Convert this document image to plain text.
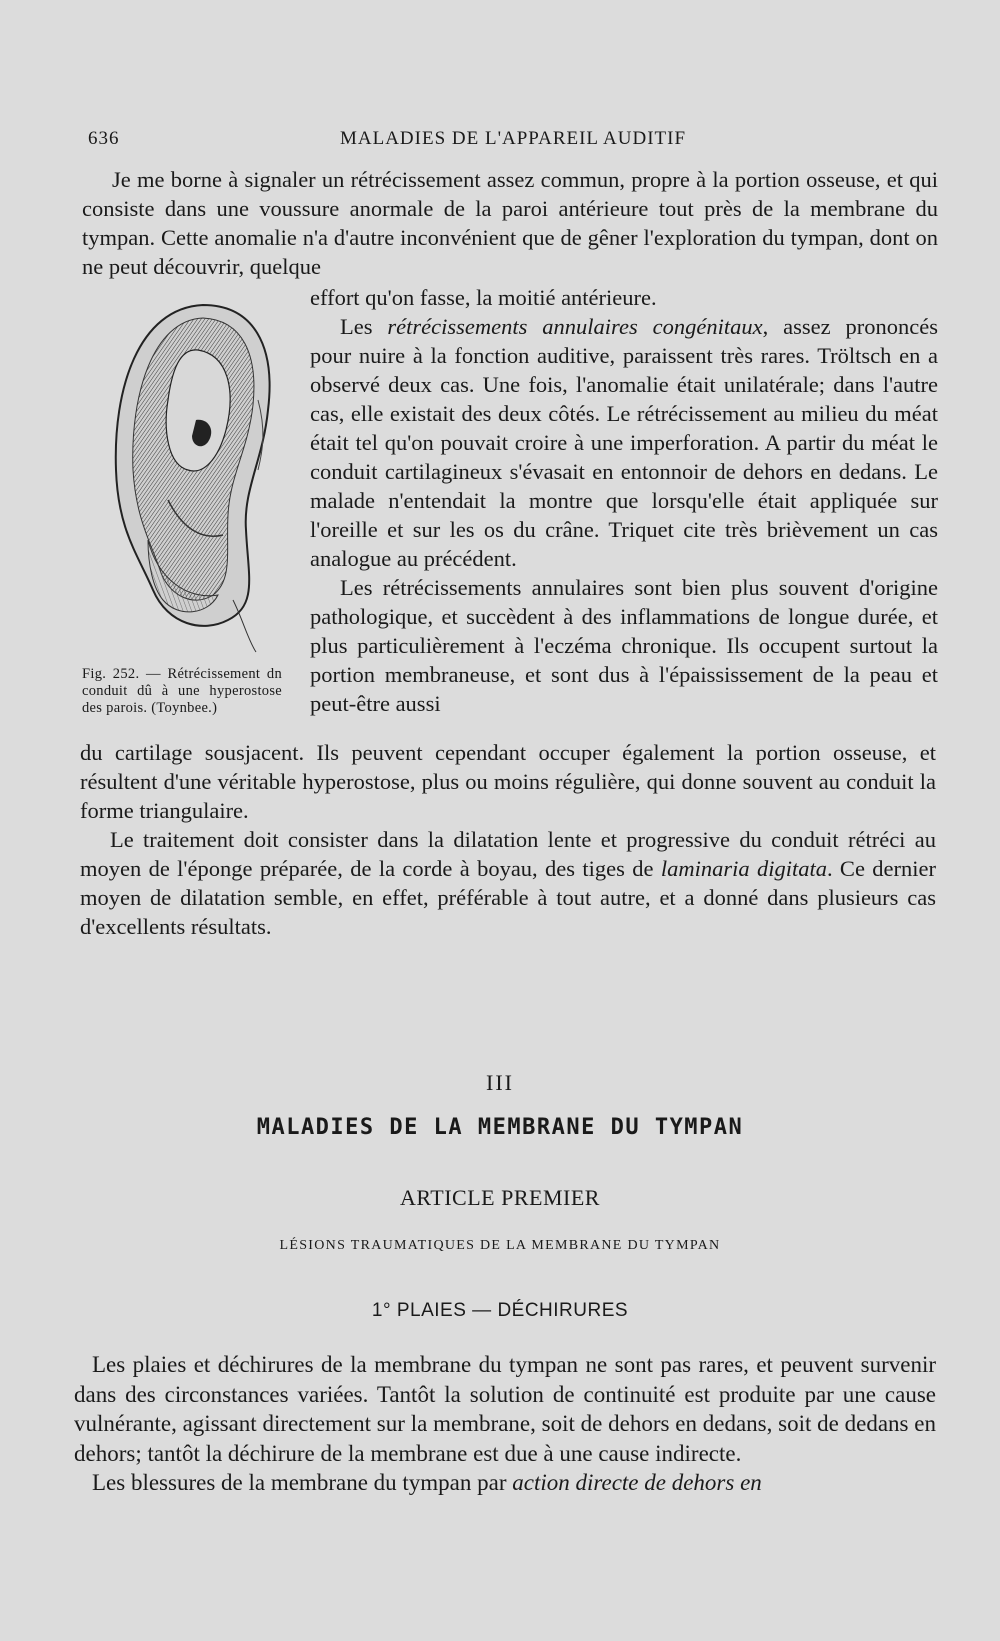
636	MALADIES DE L'APPAREIL AUDITIF

Je me borne à signaler un rétrécissement assez commun, propre à la portion osseuse, et qui consiste dans une voussure anormale de la paroi antérieure tout près de la membrane du tympan. Cette anomalie n'a d'autre inconvénient que de gêner l'exploration du tympan, dont on ne peut découvrir, quelque

effort qu'on fasse, la moitié antérieure.

Les rétrécissements annulaires congénitaux, assez prononcés pour nuire à la fonction auditive, paraissent très rares. Tröltsch en a observé deux cas. Une fois, l'anomalie était unilatérale; dans l'autre cas, elle existait des deux côtés. Le rétrécissement au milieu du méat était tel qu'on pouvait croire à une imperforation. A partir du méat le conduit cartilagineux s'évasait en entonnoir de dehors en dedans. Le malade n'entendait la montre que lorsqu'elle était appliquée sur l'oreille et sur les os du crâne. Triquet cite très brièvement un cas analogue au précédent.

Les rétrécissements annulaires sont bien plus souvent d'origine pathologique, et succèdent à des inflammations de longue durée, et plus particulièrement à l'eczéma chronique. Ils occupent surtout la portion membraneuse, et sont dus à l'épaississement de la peau et peut-être aussi

Fig. 252. — Rétrécissement dn conduit dû à une hyperostose des parois. (Toynbee.)

du cartilage sousjacent. Ils peuvent cependant occuper également la portion osseuse, et résultent d'une véritable hyperostose, plus ou moins régulière, qui donne souvent au conduit la forme triangulaire.

Le traitement doit consister dans la dilatation lente et progressive du conduit rétréci au moyen de l'éponge préparée, de la corde à boyau, des tiges de laminaria digitata. Ce dernier moyen de dilatation semble, en effet, préférable à tout autre, et a donné dans plusieurs cas d'excellents résultats.

III
MALADIES DE LA MEMBRANE DU TYMPAN
ARTICLE PREMIER
LÉSIONS TRAUMATIQUES DE LA MEMBRANE DU TYMPAN
1° PLAIES — DÉCHIRURES

Les plaies et déchirures de la membrane du tympan ne sont pas rares, et peuvent survenir dans des circonstances variées. Tantôt la solution de continuité est produite par une cause vulnérante, agissant directement sur la membrane, soit de dehors en dedans, soit de dedans en dehors; tantôt la déchirure de la membrane est due à une cause indirecte.

Les blessures de la membrane du tympan par action directe de dehors en
